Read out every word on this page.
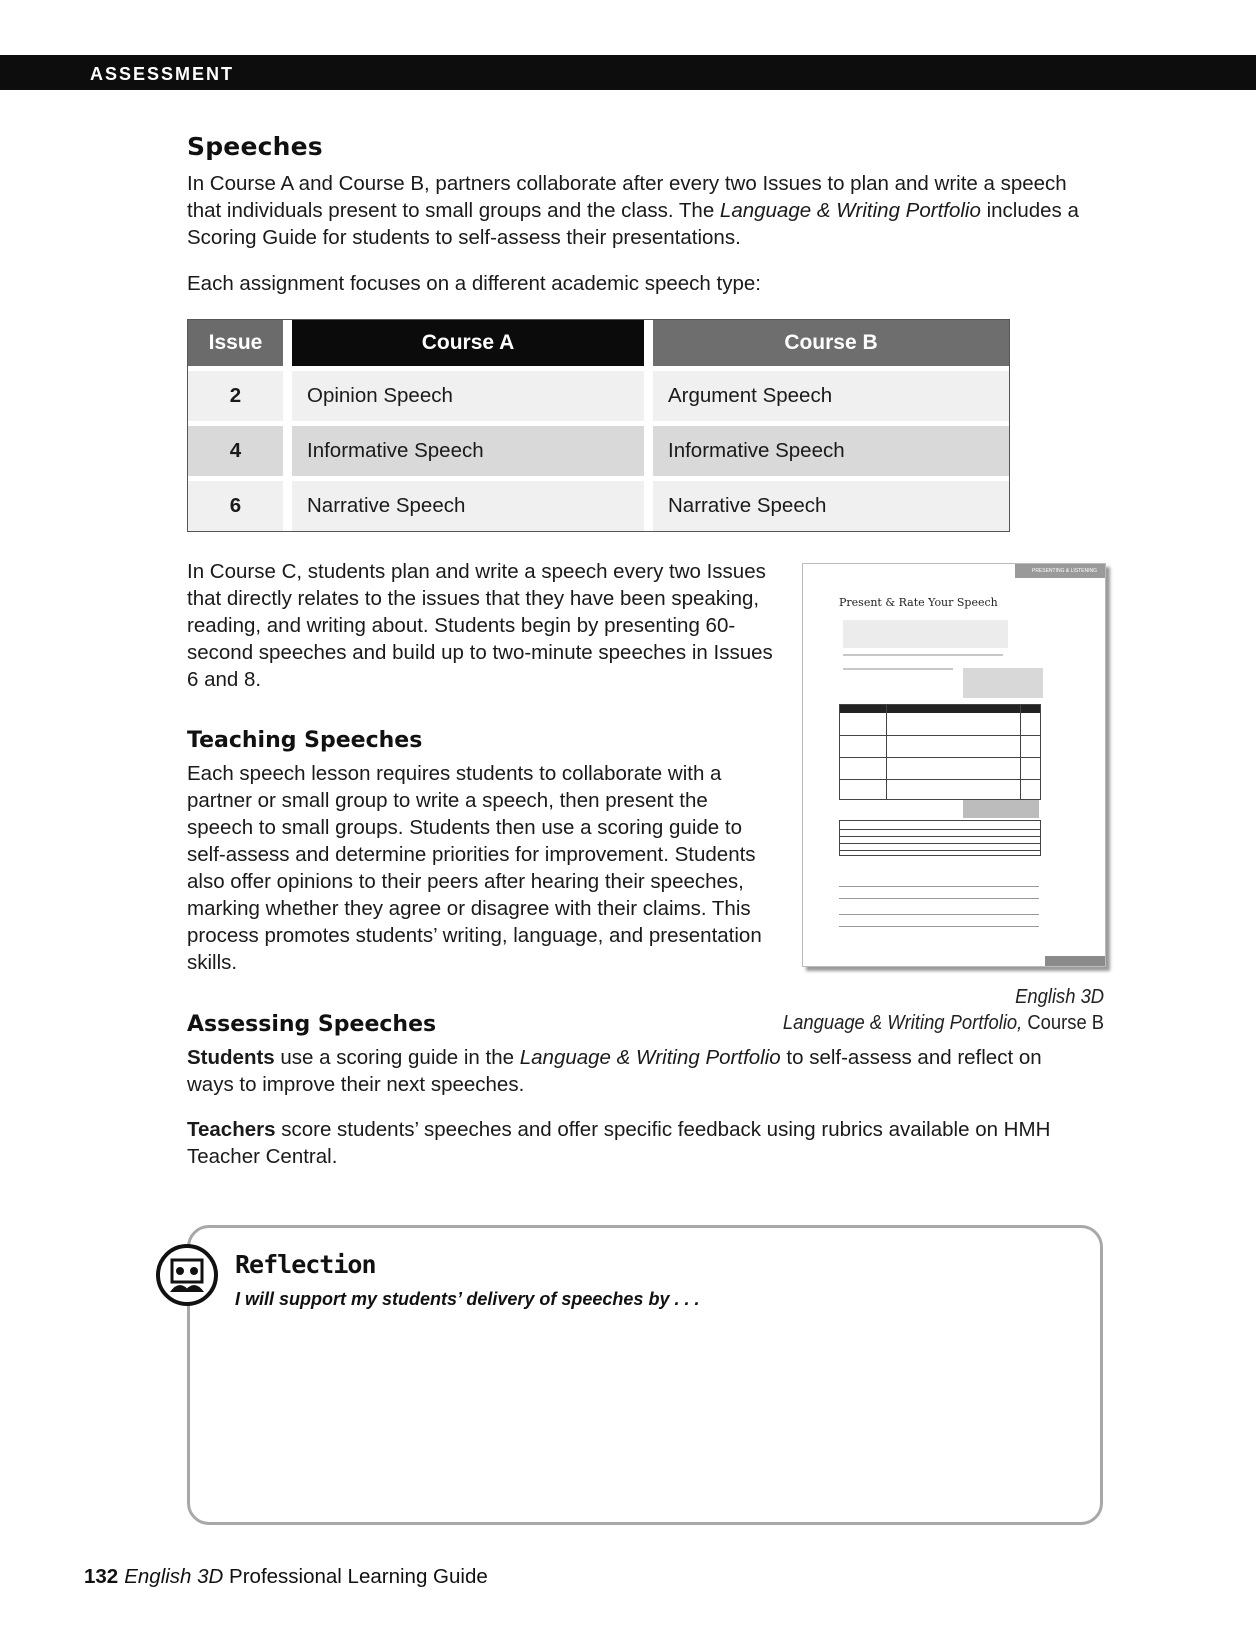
ASSESSMENT
Speeches

In Course A and Course B, partners collaborate after every two Issues to plan and write a speech that individuals present to small groups and the class. The Language & Writing Portfolio includes a Scoring Guide for students to self-assess their presentations.

Each assignment focuses on a different academic speech type:

Issue		Course A		Course B
2		Opinion Speech		Argument Speech
4		Informative Speech		Informative Speech
6		Narrative Speech		Narrative Speech

In Course C, students plan and write a speech every two Issues that directly relates to the issues that they have been speaking, reading, and writing about. Students begin by presenting 60-second speeches and build up to two-minute speeches in Issues 6 and 8.

Teaching Speeches

Each speech lesson requires students to collaborate with a partner or small group to write a speech, then present the speech to small groups. Students then use a scoring guide to self-assess and determine priorities for improvement. Students also offer opinions to their peers after hearing their speeches, marking whether they agree or disagree with their claims. This process promotes students’ writing, language, and presentation skills.

PRESENTING & LISTENING
Present & Rate Your Speech
English 3D
Language & Writing Portfolio, Course B
Assessing Speeches

Students use a scoring guide in the Language & Writing Portfolio to self-assess and reflect on ways to improve their next speeches.

Teachers score students’ speeches and offer specific feedback using rubrics available on HMH Teacher Central.

Reflection
I will support my students’ delivery of speeches by . . .
132 English 3D Professional Learning Guide
